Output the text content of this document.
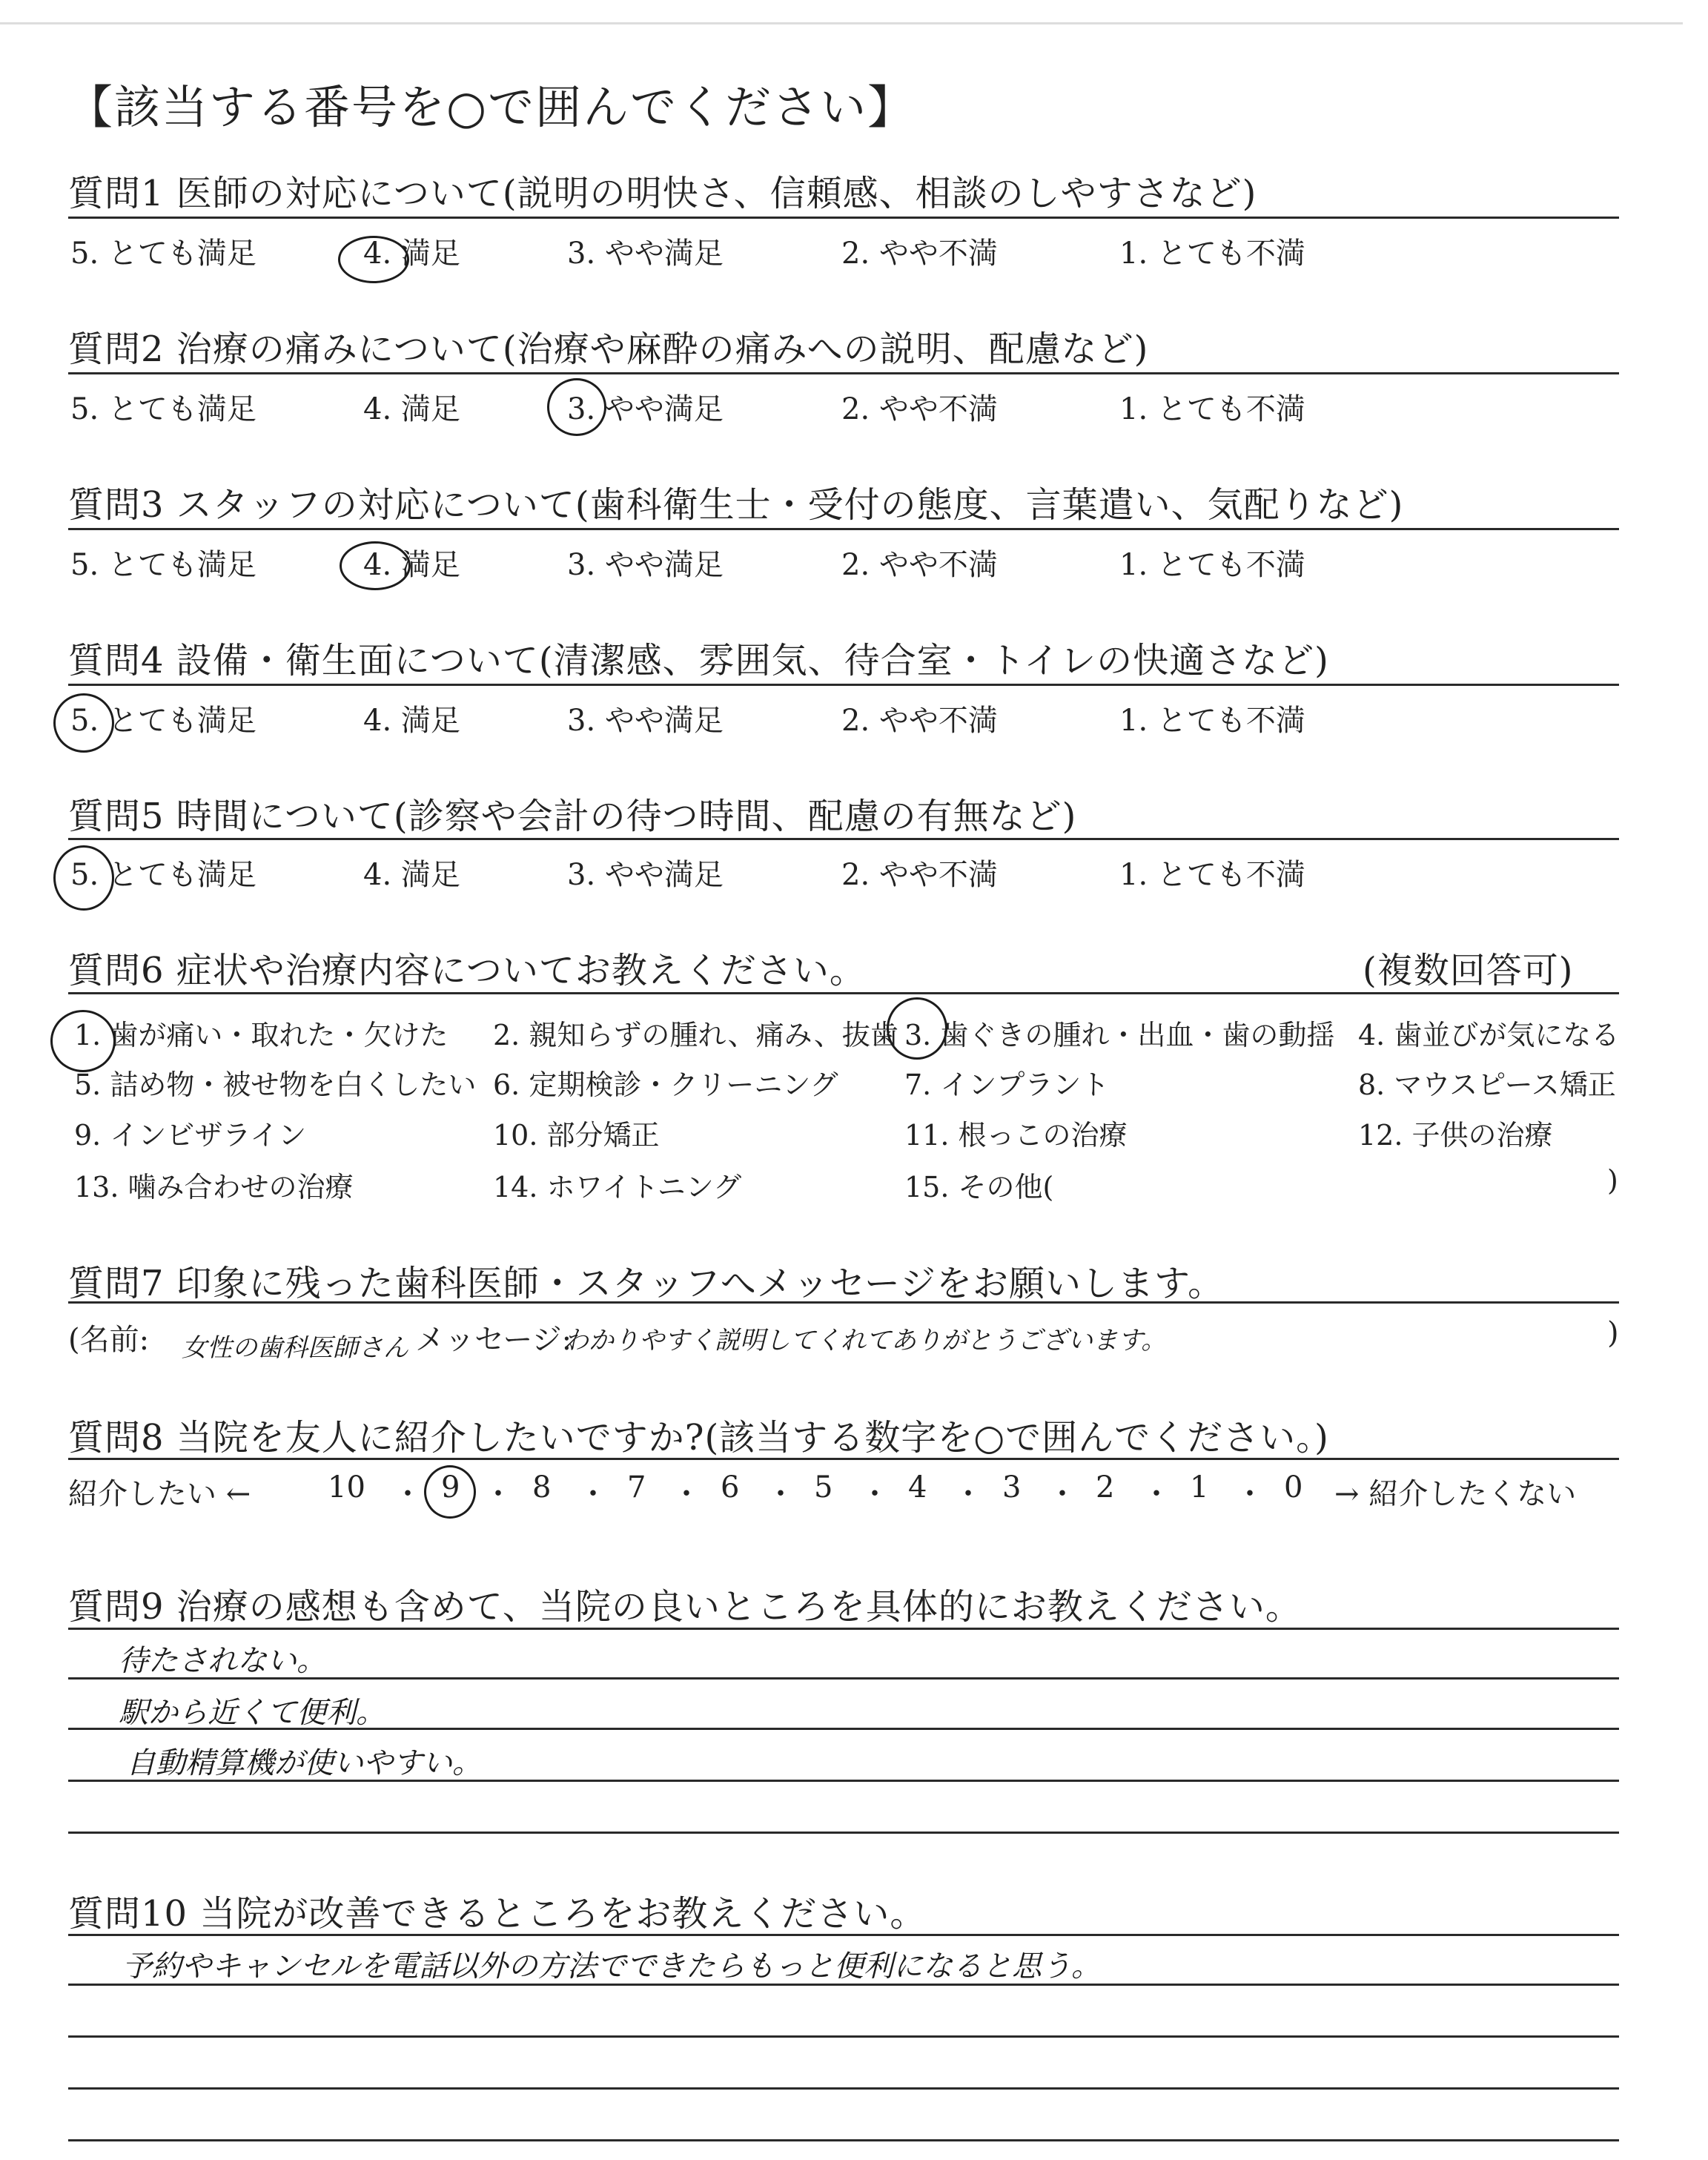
【該当する番号を○で囲んでください】
質問1 医師の対応について(説明の明快さ、信頼感、相談のしやすさなど)
5. とても満足	4. 満足	3. やや満足	2. やや不満	1. とても不満
質問2 治療の痛みについて(治療や麻酔の痛みへの説明、配慮など)
5. とても満足	4. 満足	3. やや満足	2. やや不満	1. とても不満
質問3 スタッフの対応について(歯科衛生士・受付の態度、言葉遣い、気配りなど)
5. とても満足	4. 満足	3. やや満足	2. やや不満	1. とても不満
質問4 設備・衛生面について(清潔感、雰囲気、待合室・トイレの快適さなど)
5. とても満足	4. 満足	3. やや満足	2. やや不満	1. とても不満
質問5 時間について(診察や会計の待つ時間、配慮の有無など)
5. とても満足	4. 満足	3. やや満足	2. やや不満	1. とても不満
質問6 症状や治療内容についてお教えください。	(複数回答可)
1. 歯が痛い・取れた・欠けた 2. 親知らずの腫れ、痛み、抜歯 3. 歯ぐきの腫れ・出血・歯の動揺 4. 歯並びが気になる
5. 詰め物・被せ物を白くしたい 6. 定期検診・クリーニング 7. インプラント	8. マウスピース矯正
9. インビザライン	10. 部分矯正	11. 根っこの治療	12. 子供の治療
13. 噛み合わせの治療	14. ホワイトニング	15. その他(	)
質問7 印象に残った歯科医師・スタッフへメッセージをお願いします。
(名前: 女性の歯科医師さん メッセージ:
わかりやすく説明してくれてありがとうございます。	)
質問8 当院を友人に紹介したいですか?(該当する数字を○で囲んでください。)
紹介したい ←	→ 紹介したくない
10	9 8	7	6	5	4	3	2	1	0
・ ・ ・ ・ ・ ・ ・ ・ ・ ・
質問9 治療の感想も含めて、当院の良いところを具体的にお教えください。
待たされない。
駅から近くて便利。
自動精算機が使いやすい。
質問10 当院が改善できるところをお教えください。
予約やキャンセルを電話以外の方法でできたらもっと便利になると思う。
